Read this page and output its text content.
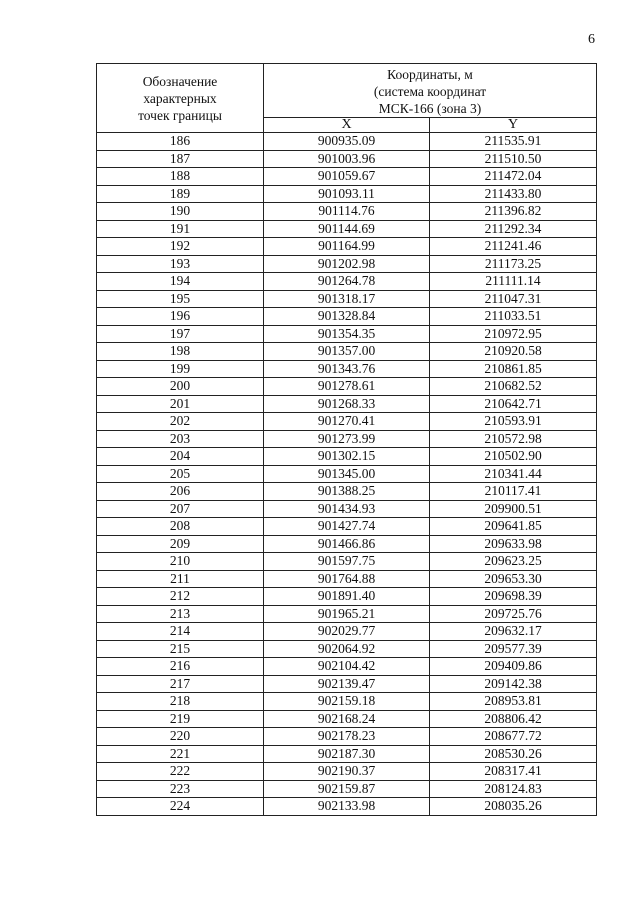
6
Обозначение
характерных
точек границы	Координаты, м
(система координат
МСК-166 (зона 3)	

	X	Y
186	900935.09	211535.91
187	901003.96	211510.50
188	901059.67	211472.04
189	901093.11	211433.80
190	901114.76	211396.82
191	901144.69	211292.34
192	901164.99	211241.46
193	901202.98	211173.25
194	901264.78	211111.14
195	901318.17	211047.31
196	901328.84	211033.51
197	901354.35	210972.95
198	901357.00	210920.58
199	901343.76	210861.85
200	901278.61	210682.52
201	901268.33	210642.71
202	901270.41	210593.91
203	901273.99	210572.98
204	901302.15	210502.90
205	901345.00	210341.44
206	901388.25	210117.41
207	901434.93	209900.51
208	901427.74	209641.85
209	901466.86	209633.98
210	901597.75	209623.25
211	901764.88	209653.30
212	901891.40	209698.39
213	901965.21	209725.76
214	902029.77	209632.17
215	902064.92	209577.39
216	902104.42	209409.86
217	902139.47	209142.38
218	902159.18	208953.81
219	902168.24	208806.42
220	902178.23	208677.72
221	902187.30	208530.26
222	902190.37	208317.41
223	902159.87	208124.83
224	902133.98	208035.26
